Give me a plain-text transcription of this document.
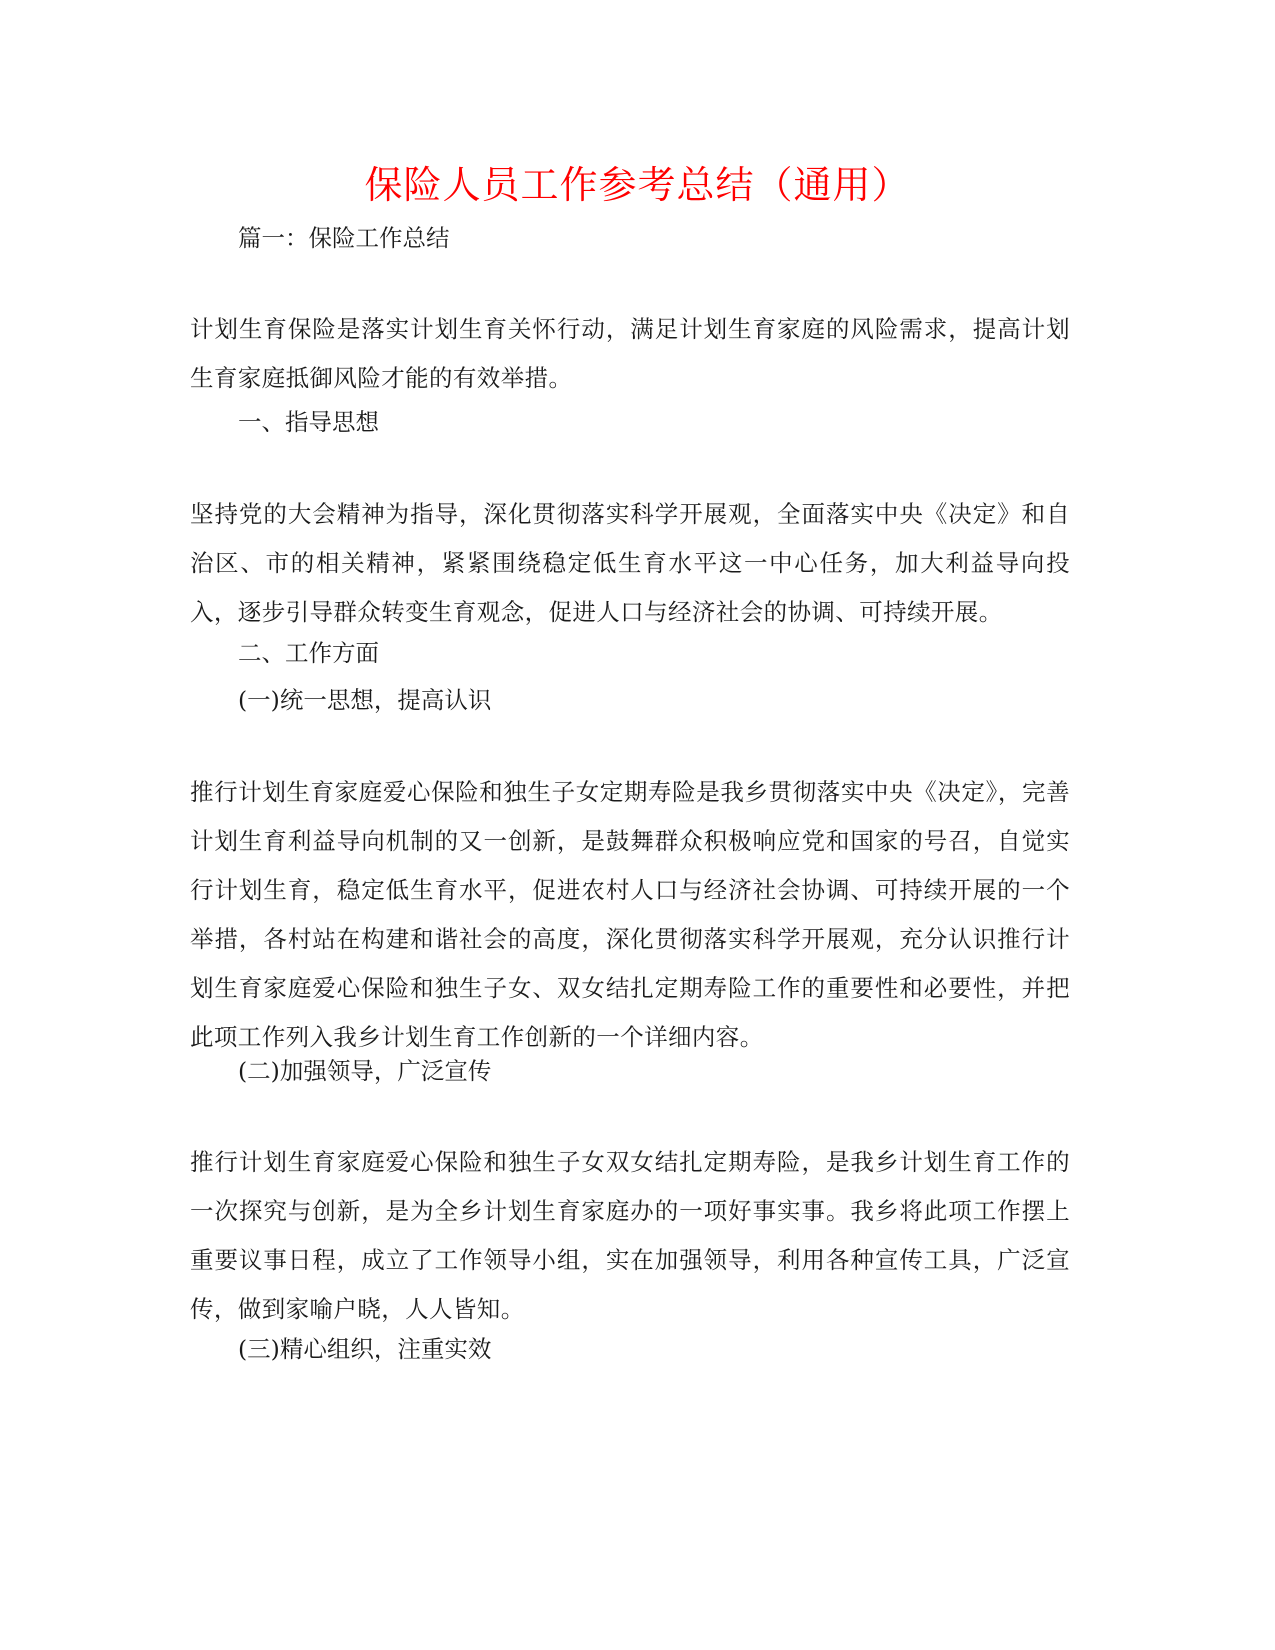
保险人员工作参考总结（通用）

篇一：保险工作总结

计划生育保险是落实计划生育关怀行动，满足计划生育家庭的风险需求，提高计划生育家庭抵御风险才能的有效举措。

一、指导思想

坚持党的大会精神为指导，深化贯彻落实科学开展观，全面落实中央《决定》和自治区、市的相关精神，紧紧围绕稳定低生育水平这一中心任务，加大利益导向投入，逐步引导群众转变生育观念，促进人口与经济社会的协调、可持续开展。

二、工作方面

(一)统一思想，提高认识

推行计划生育家庭爱心保险和独生子女定期寿险是我乡贯彻落实中央《决定》，完善计划生育利益导向机制的又一创新，是鼓舞群众积极响应党和国家的号召，自觉实行计划生育，稳定低生育水平，促进农村人口与经济社会协调、可持续开展的一个举措，各村站在构建和谐社会的高度，深化贯彻落实科学开展观，充分认识推行计划生育家庭爱心保险和独生子女、双女结扎定期寿险工作的重要性和必要性，并把此项工作列入我乡计划生育工作创新的一个详细内容。

(二)加强领导，广泛宣传

推行计划生育家庭爱心保险和独生子女双女结扎定期寿险，是我乡计划生育工作的一次探究与创新，是为全乡计划生育家庭办的一项好事实事。我乡将此项工作摆上重要议事日程，成立了工作领导小组，实在加强领导，利用各种宣传工具，广泛宣传，做到家喻户晓，人人皆知。

(三)精心组织，注重实效
